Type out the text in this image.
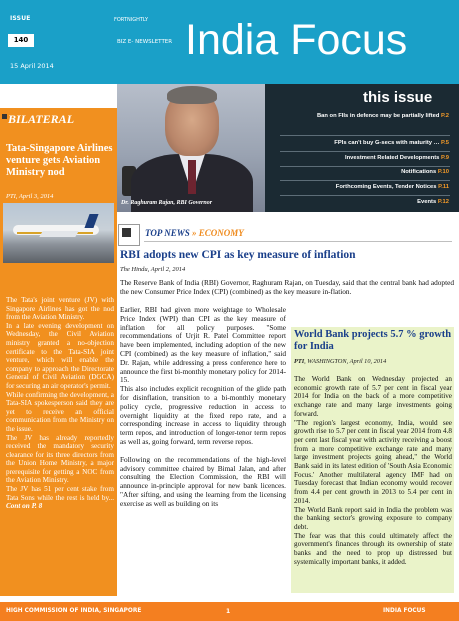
ISSUE
140
FORTNIGHTLY
BIZ E- NEWSLETTER
15 April 2014
India Focus
Dr. Raghuram Rajan, RBI Governor
this issue
Ban on FIIs in defence may be partially lifted P.2
FPIs can't buy G-secs with maturity … P.5
Investment Related Developments P.9
Notifications P.10
Forthcoming Events, Tender Notices P.11
Events P.12
BILATERAL
Tata-Singapore Airlines venture gets Aviation Ministry nod
PTI, April 3, 2014

The Tata's joint venture (JV) with Singapore Airlines has got the nod from the Aviation Ministry.

In a late evening development on Wednesday, the Civil Aviation ministry granted a no-objection certificate to the Tata-SIA joint venture, which will enable the company to approach the Directorate General of Civil Aviation (DGCA) for securing an air operator's permit.

While confirming the development, a Tata-SIA spokesperson said they are yet to receive an official communication from the Ministry on the issue.

The JV has already reportedly received the mandatory security clearance for its three directors from the Union Home Ministry, a major prerequisite for getting a NOC from the Aviation Ministry.

The JV has 51 per cent stake from Tata Sons while the rest is held by... Cont on P. 8

TOP NEWS » ECONOMY
RBI adopts new CPI as key measure of inflation
The Hindu, April 2, 2014
The Reserve Bank of India (RBI) Governor, Raghuram Rajan, on Tuesday, said that the central bank had adopted the new Consumer Price Index (CPI) (combined) as the key measure in-flation.

Earlier, RBI had given more weightage to Wholesale Price Index (WPI) than CPI as the key measure of inflation for all policy purposes. "Some recommendations of Urjit R. Patel Committee report have been implemented, including adoption of the new CPI (combined) as the key measure of inflation," said Dr. Rajan, while addressing a press conference here to announce the first bi-monthly monetary policy for 2014-15.

This also includes explicit recognition of the glide path for disinflation, transition to a bi-monthly monetary policy cycle, progressive reduction in access to overnight liquidity at the fixed repo rate, and a corresponding increase in access to liquidity through term repos, and introduction of longer-tenor term repos as well as, going forward, term reverse repos.

Following on the recommendations of the high-level advisory committee chaired by Bimal Jalan, and after consulting the Election Commission, the RBI will announce in-principle approval for new bank licences. "After sifting, and using the learning from the licensing exercise as well as building on its

World Bank projects 5.7 % growth for India
PTI, WASHINGTON, April 10, 2014

The World Bank on Wednesday projected an economic growth rate of 5.7 per cent in fiscal year 2014 for India on the back of a more competitive exchange rate and many large investments going forward.

"The region's largest economy, India, would see growth rise to 5.7 per cent in fiscal year 2014 from 4.8 per cent last fiscal year with activity receiving a boost from a more competitive exchange rate and many large investment projects going ahead," the World Bank said in its latest edition of 'South Asia Economic Focus.' Another multilateral agency IMF had on Tuesday forecast that Indian economy would recover from 4.4 per cent growth in 2013 to 5.4 per cent in 2014.

The World Bank report said in India the problem was the banking sector's growing exposure to company debt.

The fear was that this could ultimately affect the government's finances through its ownership of state banks and the need to prop up distressed but systemically important banks, it added.

HIGH COMMISSION OF INDIA, SINGAPORE	1	INDIA FOCUS
